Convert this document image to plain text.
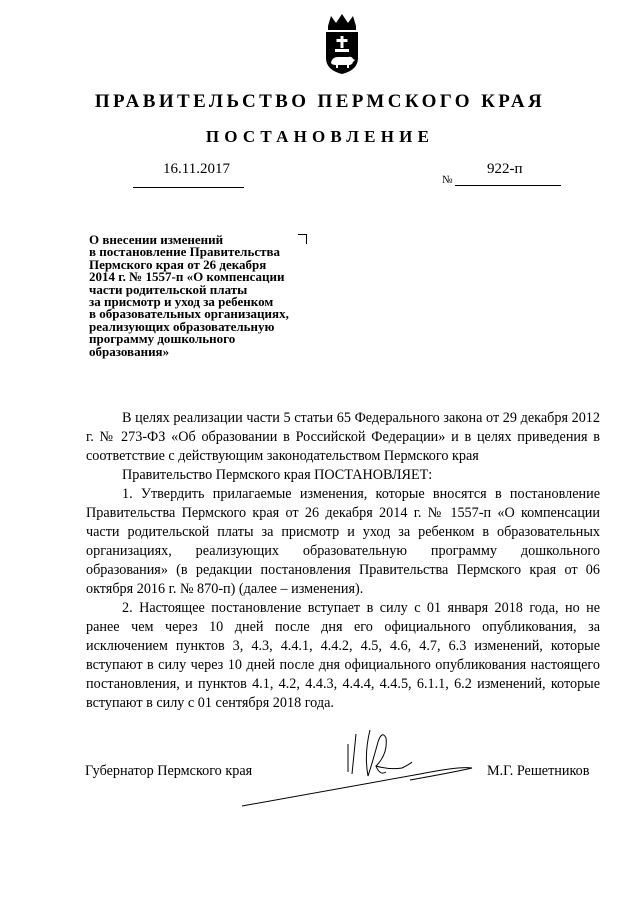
ПРАВИТЕЛЬСТВО ПЕРМСКОГО КРАЯ
ПОСТАНОВЛЕНИЕ
16.11.2017
№
922-п

О внесении изменений

в постановление Правительства

Пермского края от 26 декабря

2014 г. № 1557-п «О компенсации

части родительской платы

за присмотр и уход за ребенком

в образовательных организациях,

реализующих образовательную

программу дошкольного

образования»

В целях реализации части 5 статьи 65 Федерального закона от 29 декабря 2012 г. № 273-ФЗ «Об образовании в Российской Федерации» и в целях приведения в соответствие с действующим законодательством Пермского края

Правительство Пермского края ПОСТАНОВЛЯЕТ:

1. Утвердить прилагаемые изменения, которые вносятся в постановление Правительства Пермского края от 26 декабря 2014 г. № 1557-п «О компенсации части родительской платы за присмотр и уход за ребенком в образовательных организациях, реализующих образовательную программу дошкольного образования» (в редакции постановления Правительства Пермского края от 06 октября 2016 г. № 870-п) (далее – изменения).

2. Настоящее постановление вступает в силу с 01 января 2018 года, но не ранее чем через 10 дней после дня его официального опубликования, за исключением пунктов 3, 4.3, 4.4.1, 4.4.2, 4.5, 4.6, 4.7, 6.3 изменений, которые вступают в силу через 10 дней после дня официального опубликования настоящего постановления, и пунктов 4.1, 4.2, 4.4.3, 4.4.4, 4.4.5, 6.1.1, 6.2 изменений, которые вступают в силу с 01 сентября 2018 года.

Губернатор Пермского края	М.Г. Решетников
